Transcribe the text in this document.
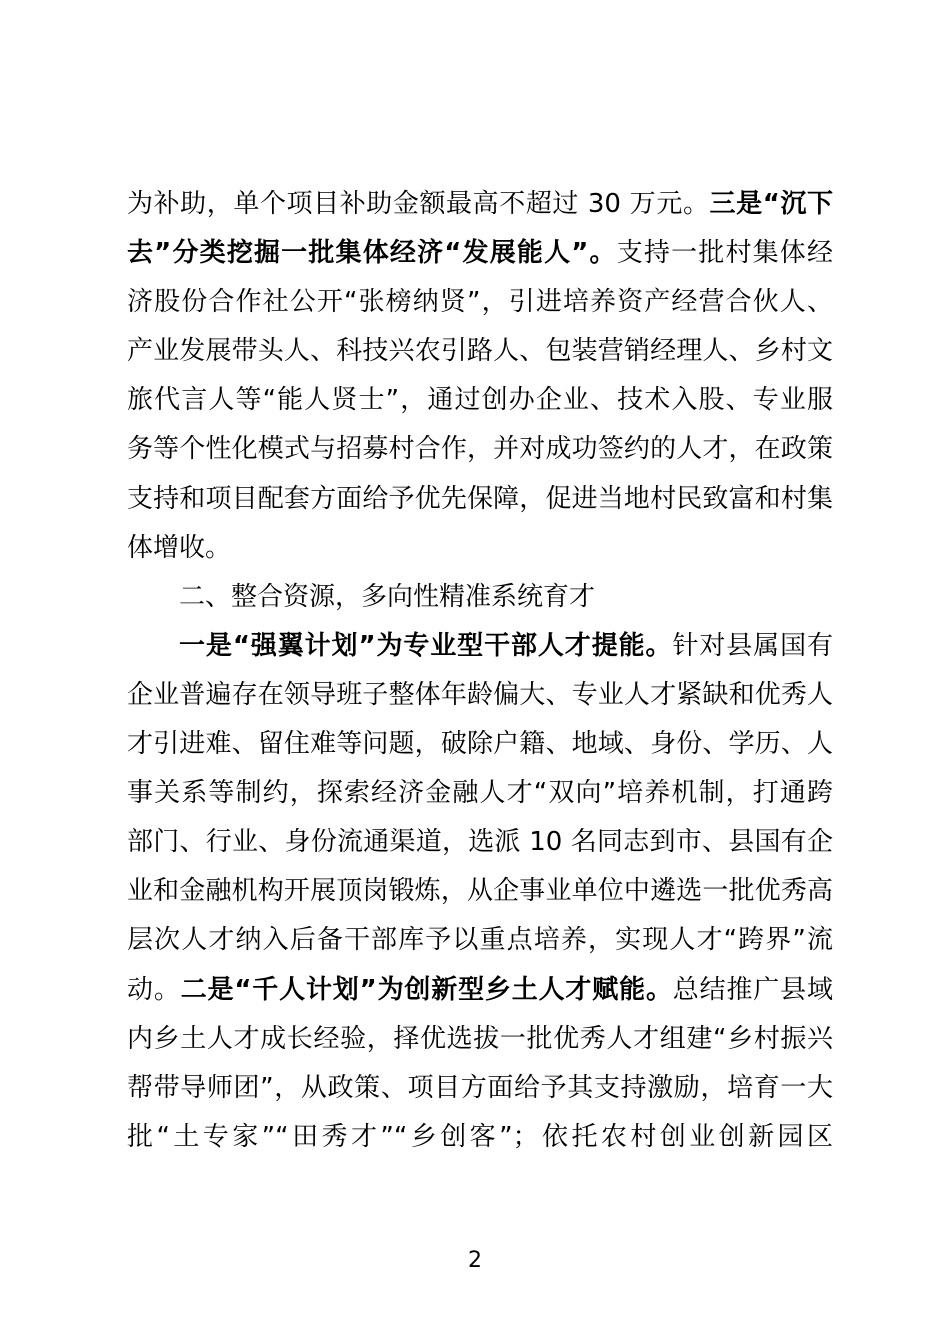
为补助，单个项目补助金额最高不超过 30 万元。三是“沉下
去”分类挖掘一批集体经济“发展能人”。支持一批村集体经
济股份合作社公开“张榜纳贤”，引进培养资产经营合伙人、
产业发展带头人、科技兴农引路人、包装营销经理人、乡村文
旅代言人等“能人贤士”，通过创办企业、技术入股、专业服
务等个性化模式与招募村合作，并对成功签约的人才，在政策
支持和项目配套方面给予优先保障，促进当地村民致富和村集
体增收。
二、整合资源，多向性精准系统育才
一是“强翼计划”为专业型干部人才提能。针对县属国有
企业普遍存在领导班子整体年龄偏大、专业人才紧缺和优秀人
才引进难、留住难等问题，破除户籍、地域、身份、学历、人
事关系等制约，探索经济金融人才“双向”培养机制，打通跨
部门、行业、身份流通渠道，选派 10 名同志到市、县国有企
业和金融机构开展顶岗锻炼，从企事业单位中遴选一批优秀高
层次人才纳入后备干部库予以重点培养，实现人才“跨界”流
动。二是“千人计划”为创新型乡土人才赋能。总结推广县域
内乡土人才成长经验，择优选拔一批优秀人才组建“乡村振兴
帮带导师团”，从政策、项目方面给予其支持激励，培育一大
批“土专家”“田秀才”“乡创客”；依托农村创业创新园区
2
